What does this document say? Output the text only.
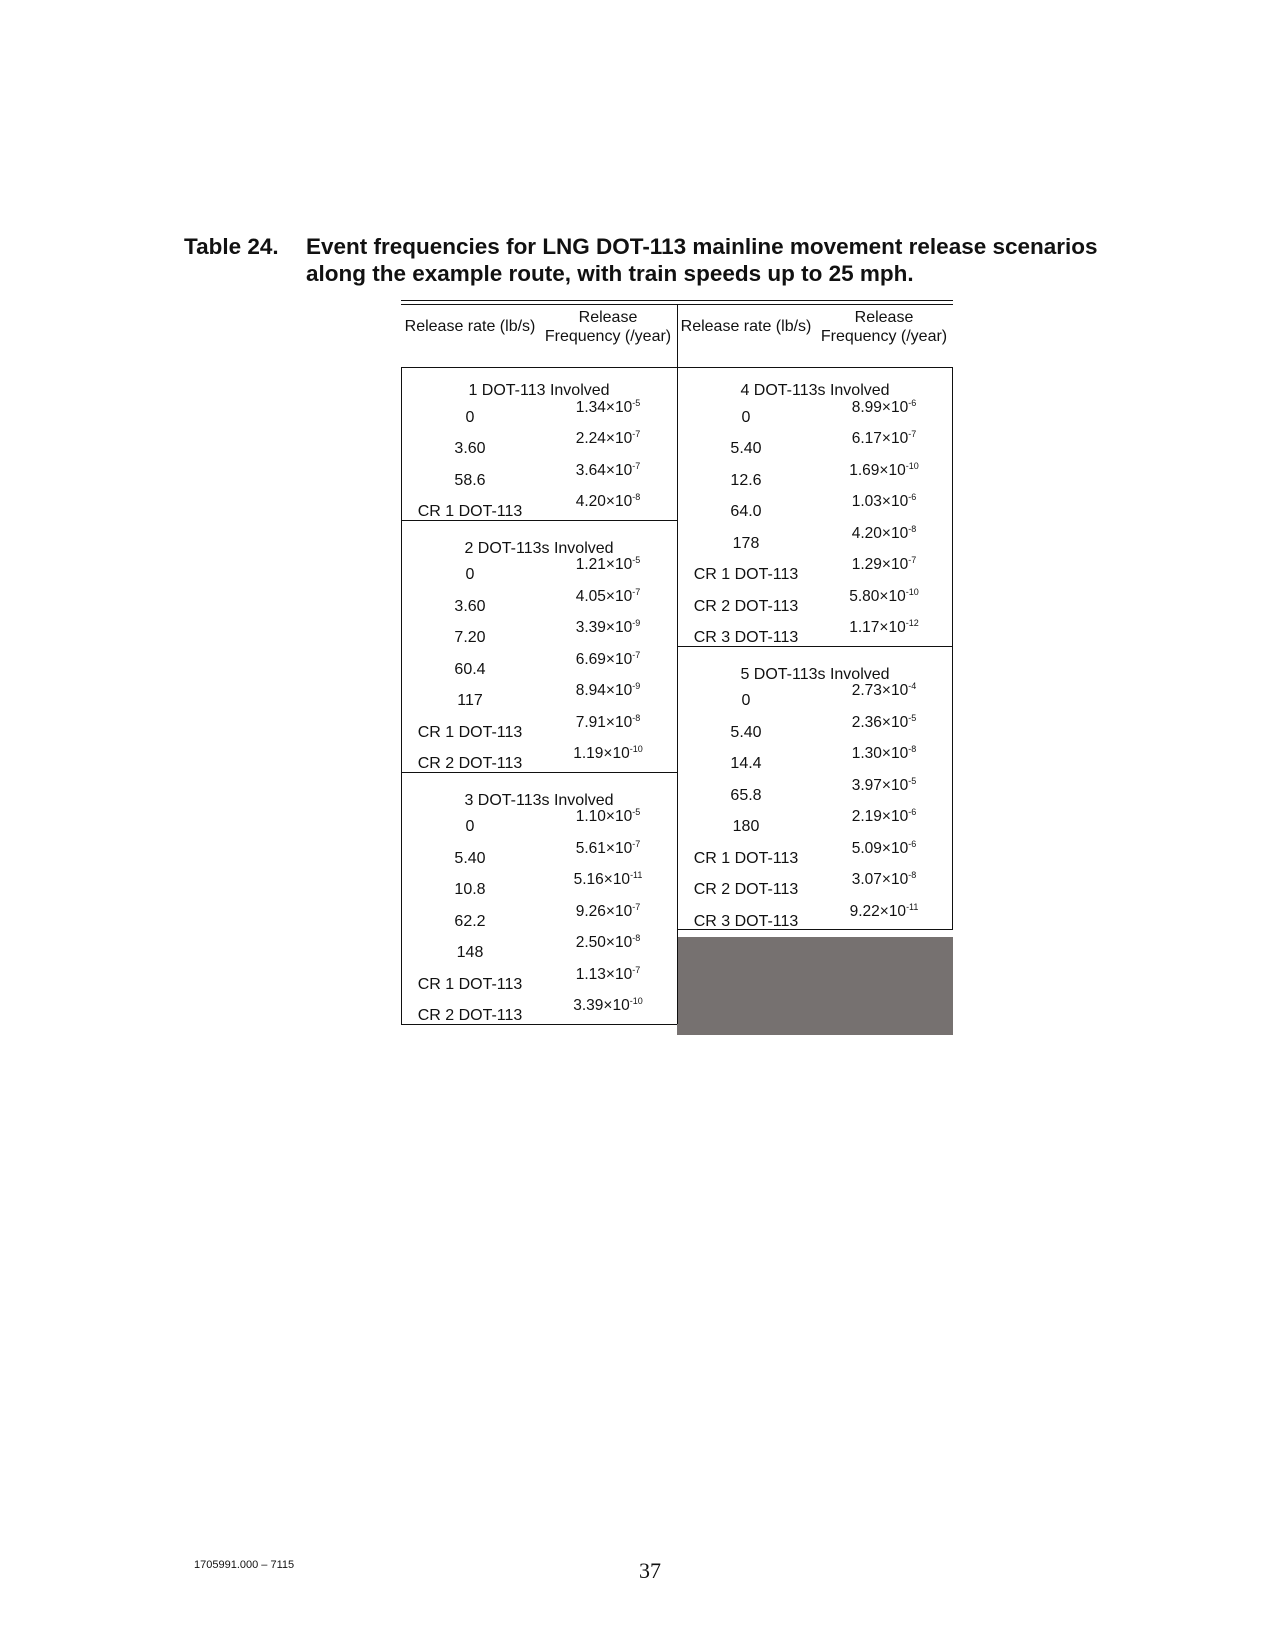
Table 24. Event frequencies for LNG DOT-113 mainline movement release scenarios along the example route, with train speeds up to 25 mph.
Release rate (lb/s)
Release Frequency (/year)
Release rate (lb/s)
Release Frequency (/year)
1 DOT-113 Involved
0
$1.34\times 10^{-5}$
3.60
$2.24\times 10^{-7}$
58.6
$3.64\times 10^{-7}$
CR 1 DOT-113
$4.20\times 10^{-8}$
2 DOT-113s Involved
0
$1.21\times 10^{-5}$
3.60
$4.05\times 10^{-7}$
7.20
$3.39\times 10^{-9}$
60.4
$6.69\times 10^{-7}$
117
$8.94\times 10^{-9}$
CR 1 DOT-113
$7.91\times 10^{-8}$
CR 2 DOT-113
$1.19\times 10^{-10}$
3 DOT-113s Involved
0
$1.10\times 10^{-5}$
5.40
$5.61\times 10^{-7}$
10.8
$5.16\times 10^{-11}$
62.2
$9.26\times 10^{-7}$
148
$2.50\times 10^{-8}$
CR 1 DOT-113
$1.13\times 10^{-7}$
CR 2 DOT-113
$3.39\times 10^{-10}$
4 DOT-113s Involved
0
$8.99\times 10^{-6}$
5.40
$6.17\times 10^{-7}$
12.6
$1.69\times 10^{-10}$
64.0
$1.03\times 10^{-6}$
178
$4.20\times 10^{-8}$
CR 1 DOT-113
$1.29\times 10^{-7}$
CR 2 DOT-113
$5.80\times 10^{-10}$
CR 3 DOT-113
$1.17\times 10^{-12}$
5 DOT-113s Involved
0
$2.73\times 10^{-4}$
5.40
$2.36\times 10^{-5}$
14.4
$1.30\times 10^{-8}$
65.8
$3.97\times 10^{-5}$
180
$2.19\times 10^{-6}$
CR 1 DOT-113
$5.09\times 10^{-6}$
CR 2 DOT-113
$3.07\times 10^{-8}$
CR 3 DOT-113
$9.22\times 10^{-11}$
1705991.000 – 7115	37
